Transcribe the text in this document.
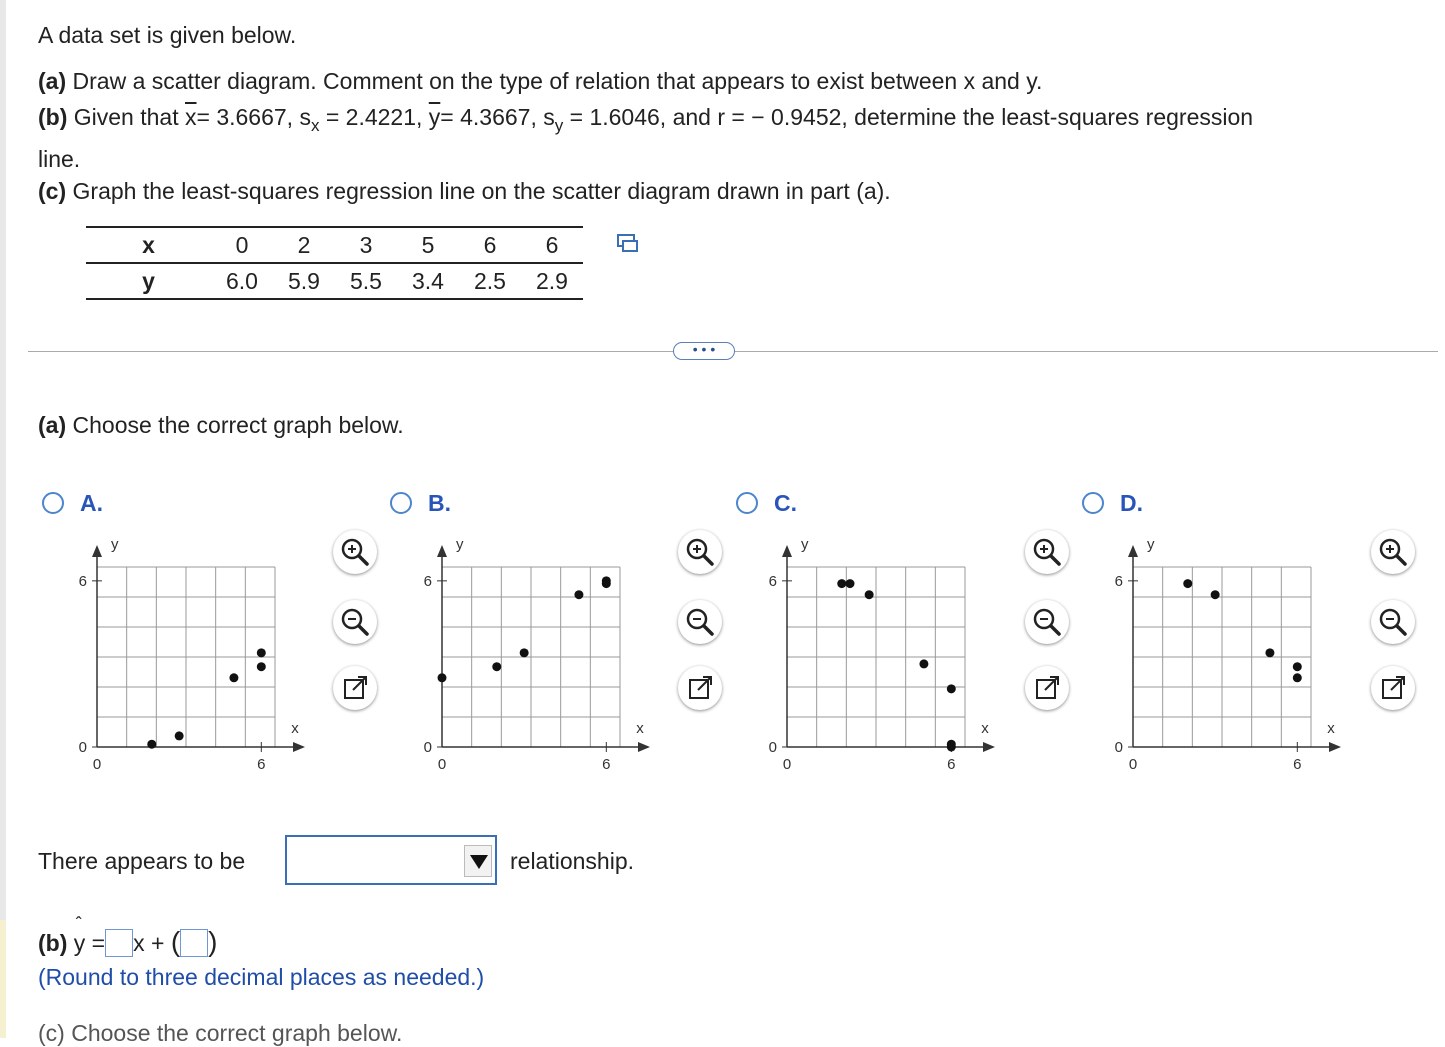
A data set is given below.
(a) Draw a scatter diagram. Comment on the type of relation that appears to exist between x and y.
(b) Given that $\overline{x}= 3.6667$, $s_x = 2.4221$, $\overline{y}= 4.3667$, $s_y = 1.6046$, and r = − 0.9452, determine the least-squares regression
line.
(c) Graph the least-squares regression line on the scatter diagram drawn in part (a).
x	0	2	3	5	6	6
y	6.0	5.9	5.5	3.4	2.5	2.9
• • •
(a) Choose the correct graph below.
A.	B.	C.	D.
y
x
6
0
0	6
y
x
6
0
0	6
y
x
6
0
0	6
y
x
6
0
0	6
There appears to be	relationship.
(b)
ˆ
y = x + ( )
(Round to three decimal places as needed.)
(c) Choose the correct graph below.
